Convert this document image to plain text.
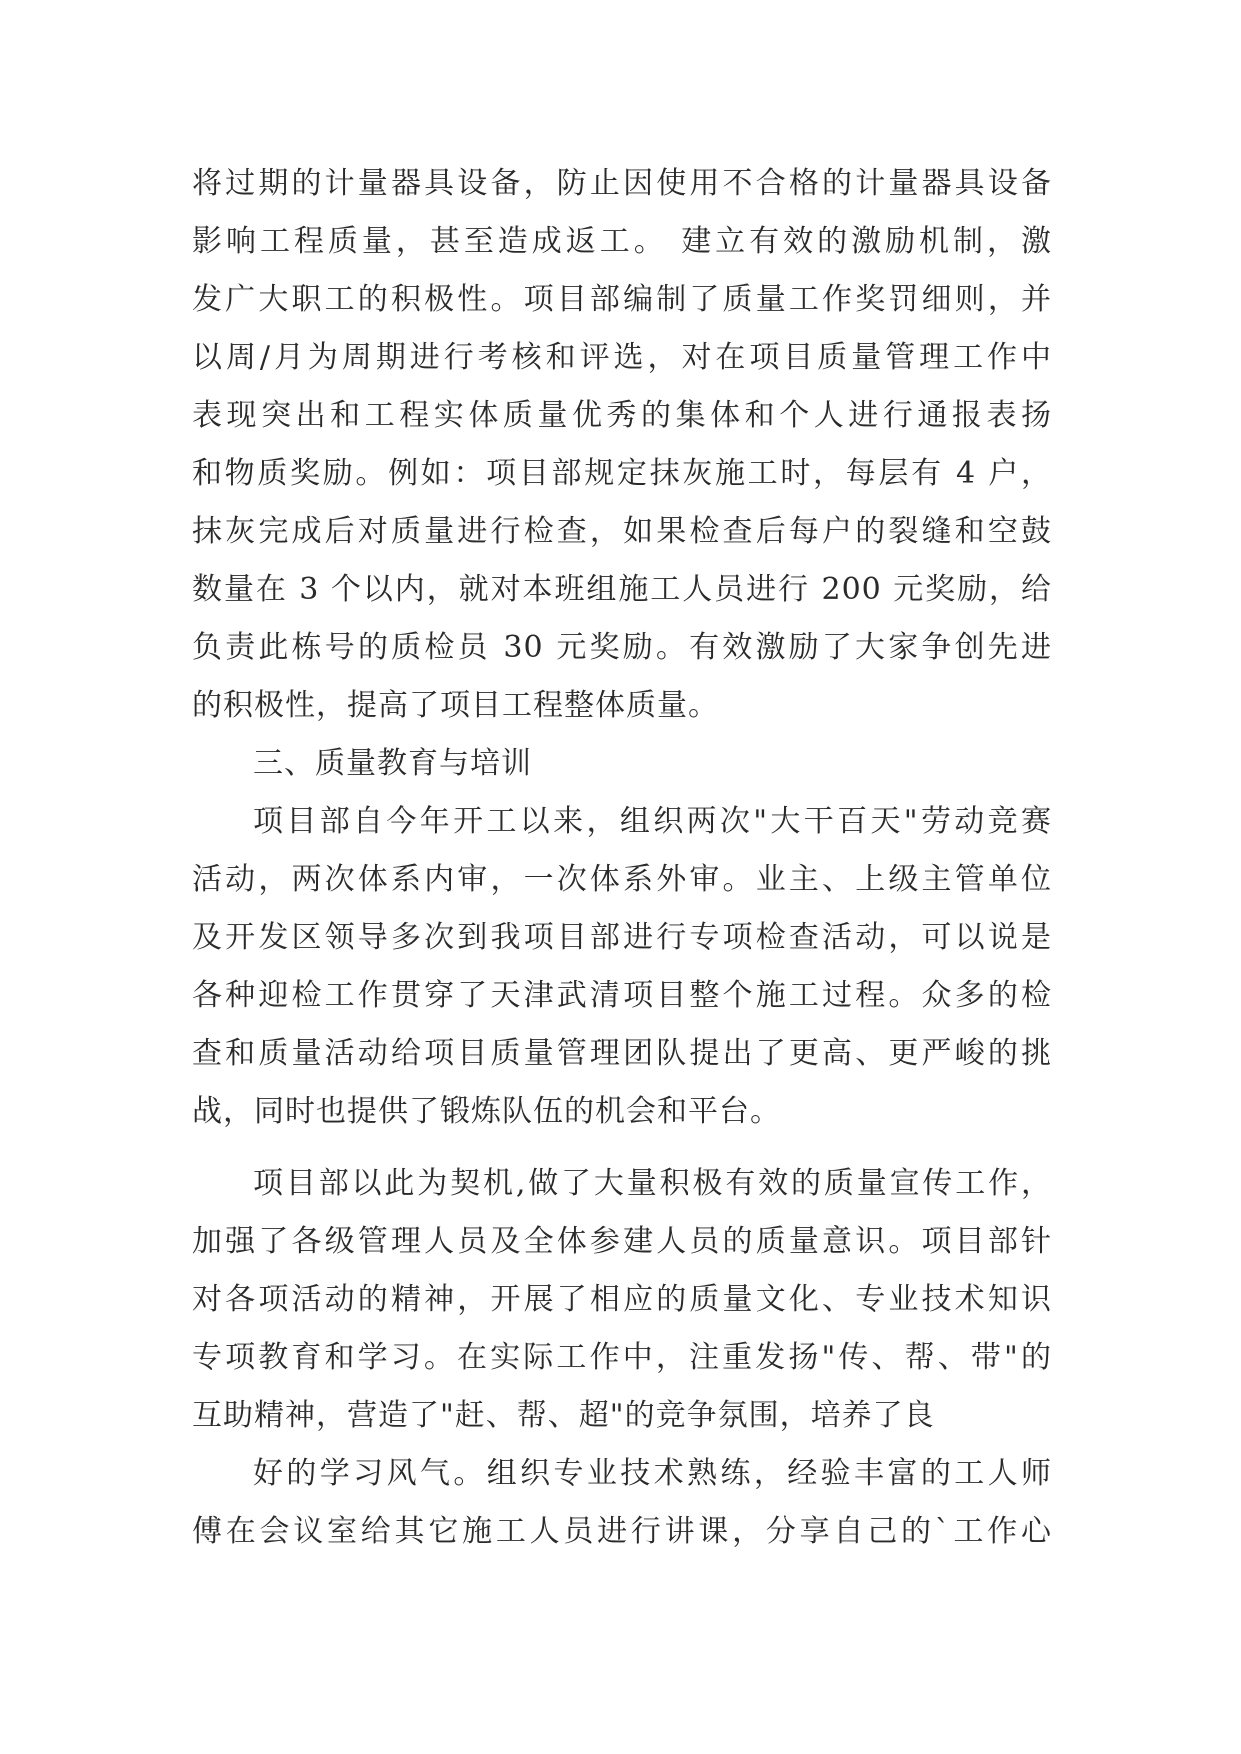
将过期的计量器具设备，防止因使用不合格的计量器具设备
影响工程质量，甚至造成返工。 建立有效的激励机制，激
发广大职工的积极性。项目部编制了质量工作奖罚细则，并
以周/月为周期进行考核和评选，对在项目质量管理工作中
表现突出和工程实体质量优秀的集体和个人进行通报表扬
和物质奖励。例如：项目部规定抹灰施工时，每层有 4 户，
抹灰完成后对质量进行检查，如果检查后每户的裂缝和空鼓
数量在 3 个以内，就对本班组施工人员进行 200 元奖励，给
负责此栋号的质检员 30 元奖励。有效激励了大家争创先进
的积极性，提高了项目工程整体质量。
三、质量教育与培训
项目部自今年开工以来，组织两次"大干百天"劳动竞赛
活动，两次体系内审，一次体系外审。业主、上级主管单位
及开发区领导多次到我项目部进行专项检查活动，可以说是
各种迎检工作贯穿了天津武清项目整个施工过程。众多的检
查和质量活动给项目质量管理团队提出了更高、更严峻的挑
战，同时也提供了锻炼队伍的机会和平台。
项目部以此为契机,做了大量积极有效的质量宣传工作，
加强了各级管理人员及全体参建人员的质量意识。项目部针
对各项活动的精神，开展了相应的质量文化、专业技术知识
专项教育和学习。在实际工作中，注重发扬"传、帮、带"的
互助精神，营造了"赶、帮、超"的竞争氛围，培养了良
好的学习风气。组织专业技术熟练，经验丰富的工人师
傅在会议室给其它施工人员进行讲课，分享自己的`工作心
